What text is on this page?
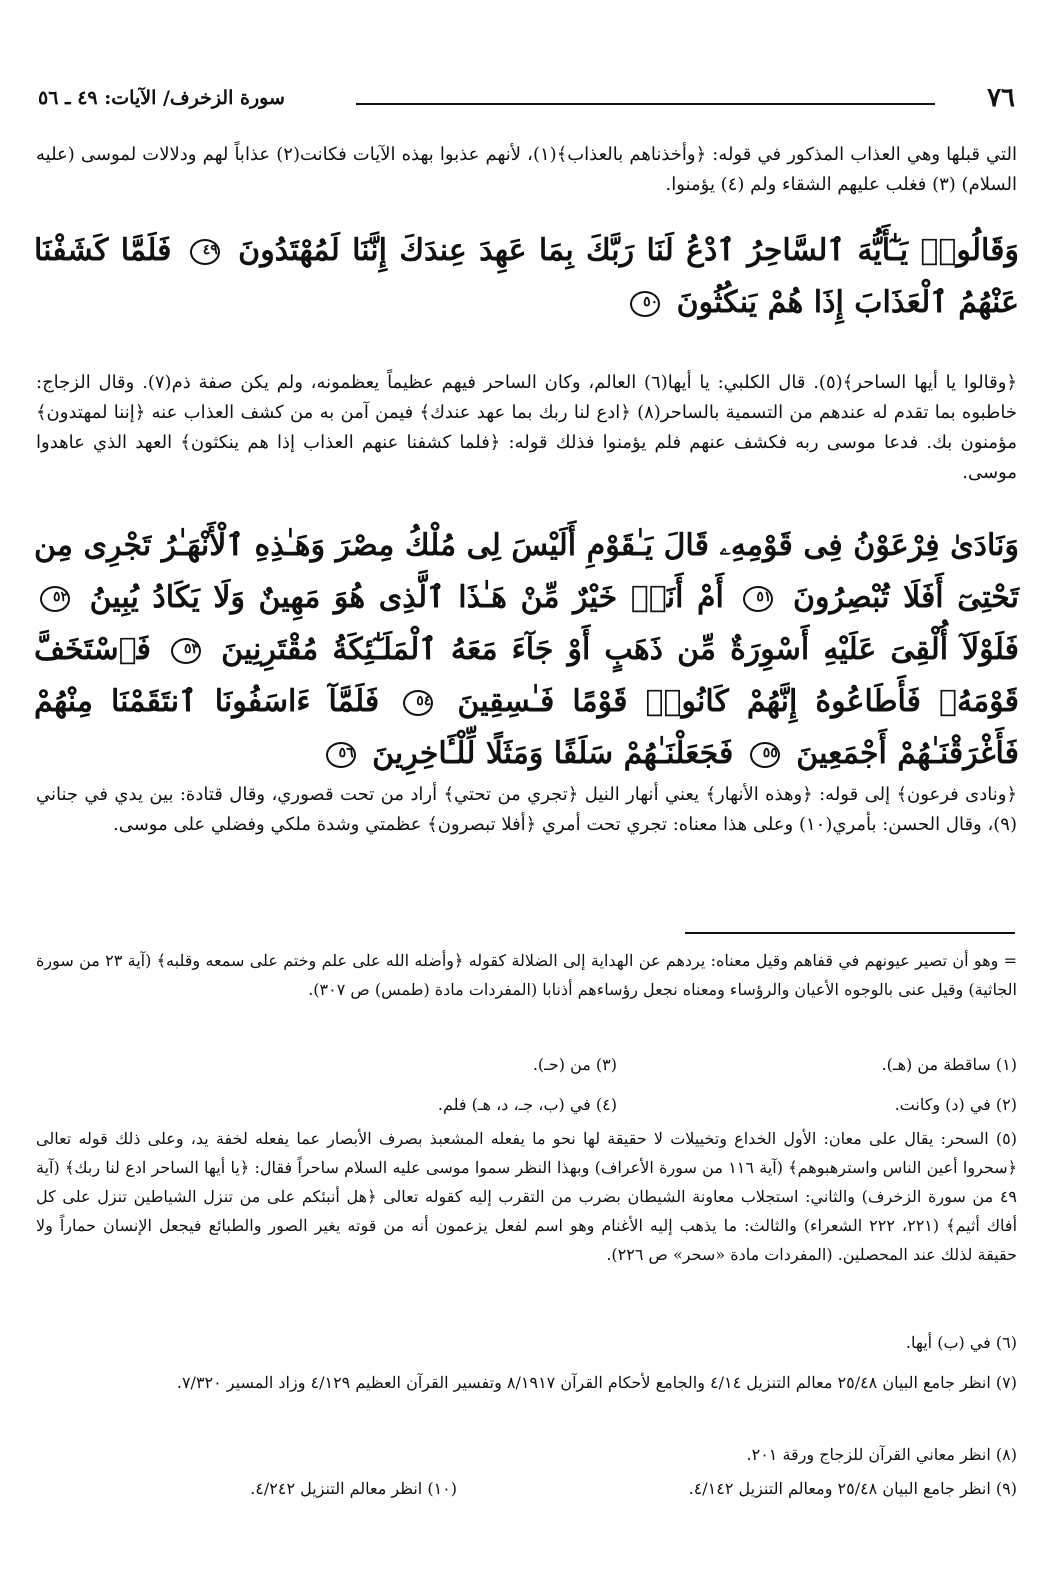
٧٦
سورة الزخرف/ الآيات: ٤٩ ـ ٥٦

التي قبلها وهي العذاب المذكور في قوله: ﴿وأخذناهم بالعذاب﴾(١)، لأنهم عذبوا بهذه الآيات فكانت(٢) عذاباً لهم ودلالات لموسى (عليه السلام) (٣) فغلب عليهم الشقاء ولم (٤) يؤمنوا.

وَقَالُوا۟ يَـٰٓأَيُّهَ ٱلسَّاحِرُ ٱدْعُ لَنَا رَبَّكَ بِمَا عَهِدَ عِندَكَ إِنَّنَا لَمُهْتَدُونَ ٤٩ فَلَمَّا كَشَفْنَا عَنْهُمُ ٱلْعَذَابَ إِذَا هُمْ يَنكُثُونَ ٥٠

﴿وقالوا يا أيها الساحر﴾(٥). قال الكلبي: يا أيها(٦) العالم، وكان الساحر فيهم عظيماً يعظمونه، ولم يكن صفة ذم(٧). وقال الزجاج: خاطبوه بما تقدم له عندهم من التسمية بالساحر(٨) ﴿ادع لنا ربك بما عهد عندك﴾ فيمن آمن به من كشف العذاب عنه ﴿إننا لمهتدون﴾ مؤمنون بك. فدعا موسى ربه فكشف عنهم فلم يؤمنوا فذلك قوله: ﴿فلما كشفنا عنهم العذاب إذا هم ينكثون﴾ العهد الذي عاهدوا موسى.

وَنَادَىٰ فِرْعَوْنُ فِى قَوْمِهِۦ قَالَ يَـٰقَوْمِ أَلَيْسَ لِى مُلْكُ مِصْرَ وَهَـٰذِهِ ٱلْأَنْهَـٰرُ تَجْرِى مِن تَحْتِىٓ أَفَلَا تُبْصِرُونَ ٥١ أَمْ أَنَا۠ خَيْرٌ مِّنْ هَـٰذَا ٱلَّذِى هُوَ مَهِينٌ وَلَا يَكَادُ يُبِينُ ٥٢ فَلَوْلَآ أُلْقِىَ عَلَيْهِ أَسْوِرَةٌ مِّن ذَهَبٍ أَوْ جَآءَ مَعَهُ ٱلْمَلَـٰٓئِكَةُ مُقْتَرِنِينَ ٥٣ فَٱسْتَخَفَّ قَوْمَهُۥ فَأَطَاعُوهُ إِنَّهُمْ كَانُوا۟ قَوْمًا فَـٰسِقِينَ ٥٤ فَلَمَّآ ءَاسَفُونَا ٱنتَقَمْنَا مِنْهُمْ فَأَغْرَقْنَـٰهُمْ أَجْمَعِينَ ٥٥ فَجَعَلْنَـٰهُمْ سَلَفًا وَمَثَلًا لِّلْـَٔاخِرِينَ ٥٦

﴿ونادى فرعون﴾ إلى قوله: ﴿وهذه الأنهار﴾ يعني أنهار النيل ﴿تجري من تحتي﴾ أراد من تحت قصوري، وقال قتادة: بين يدي في جناني (٩)، وقال الحسن: بأمري(١٠) وعلى هذا معناه: تجري تحت أمري ﴿أفلا تبصرون﴾ عظمتي وشدة ملكي وفضلي على موسى.

= وهو أن تصير عيونهم في قفاهم وقيل معناه: يردهم عن الهداية إلى الضلالة كقوله ﴿وأضله الله على علم وختم على سمعه وقلبه﴾ (آية ٢٣ من سورة الجاثية) وقيل عنى بالوجوه الأعيان والرؤساء ومعناه نجعل رؤساءهم أذنابا (المفردات مادة (طمس) ص ٣٠٧).

(١) ساقطة من (هـ).
(٣) من (حـ).
(٢) في (د) وكانت.
(٤) في (ب، جـ، د، هـ) فلم.

(٥) السحر: يقال على معان: الأول الخداع وتخييلات لا حقيقة لها نحو ما يفعله المشعبذ بصرف الأبصار عما يفعله لخفة يد، وعلى ذلك قوله تعالى ﴿سحروا أعين الناس واسترهبوهم﴾ (آية ١١٦ من سورة الأعراف) وبهذا النظر سموا موسى عليه السلام ساحراً فقال: ﴿يا أيها الساحر ادع لنا ربك﴾ (آية ٤٩ من سورة الزخرف) والثاني: استجلاب معاونة الشيطان بضرب من التقرب إليه كقوله تعالى ﴿هل أنبئكم على من تنزل الشياطين تنزل على كل أفاك أثيم﴾ (٢٢١، ٢٢٢ الشعراء) والثالث: ما يذهب إليه الأغنام وهو اسم لفعل يزعمون أنه من قوته يغير الصور والطبائع فيجعل الإنسان حماراً ولا حقيقة لذلك عند المحصلين. (المفردات مادة «سحر» ص ٢٢٦).

(٦) في (ب) أيها.

(٧) انظر جامع البيان ٢٥/٤٨ معالم التنزيل ٤/١٤ والجامع لأحكام القرآن ٨/١٩١٧ وتفسير القرآن العظيم ٤/١٢٩ وزاد المسير ٧/٣٢٠.

(٨) انظر معاني القرآن للزجاج ورقة ٢٠١.

(٩) انظر جامع البيان ٢٥/٤٨ ومعالم التنزيل ٤/١٤٢.
(١٠) انظر معالم التنزيل ٤/٢٤٢.
